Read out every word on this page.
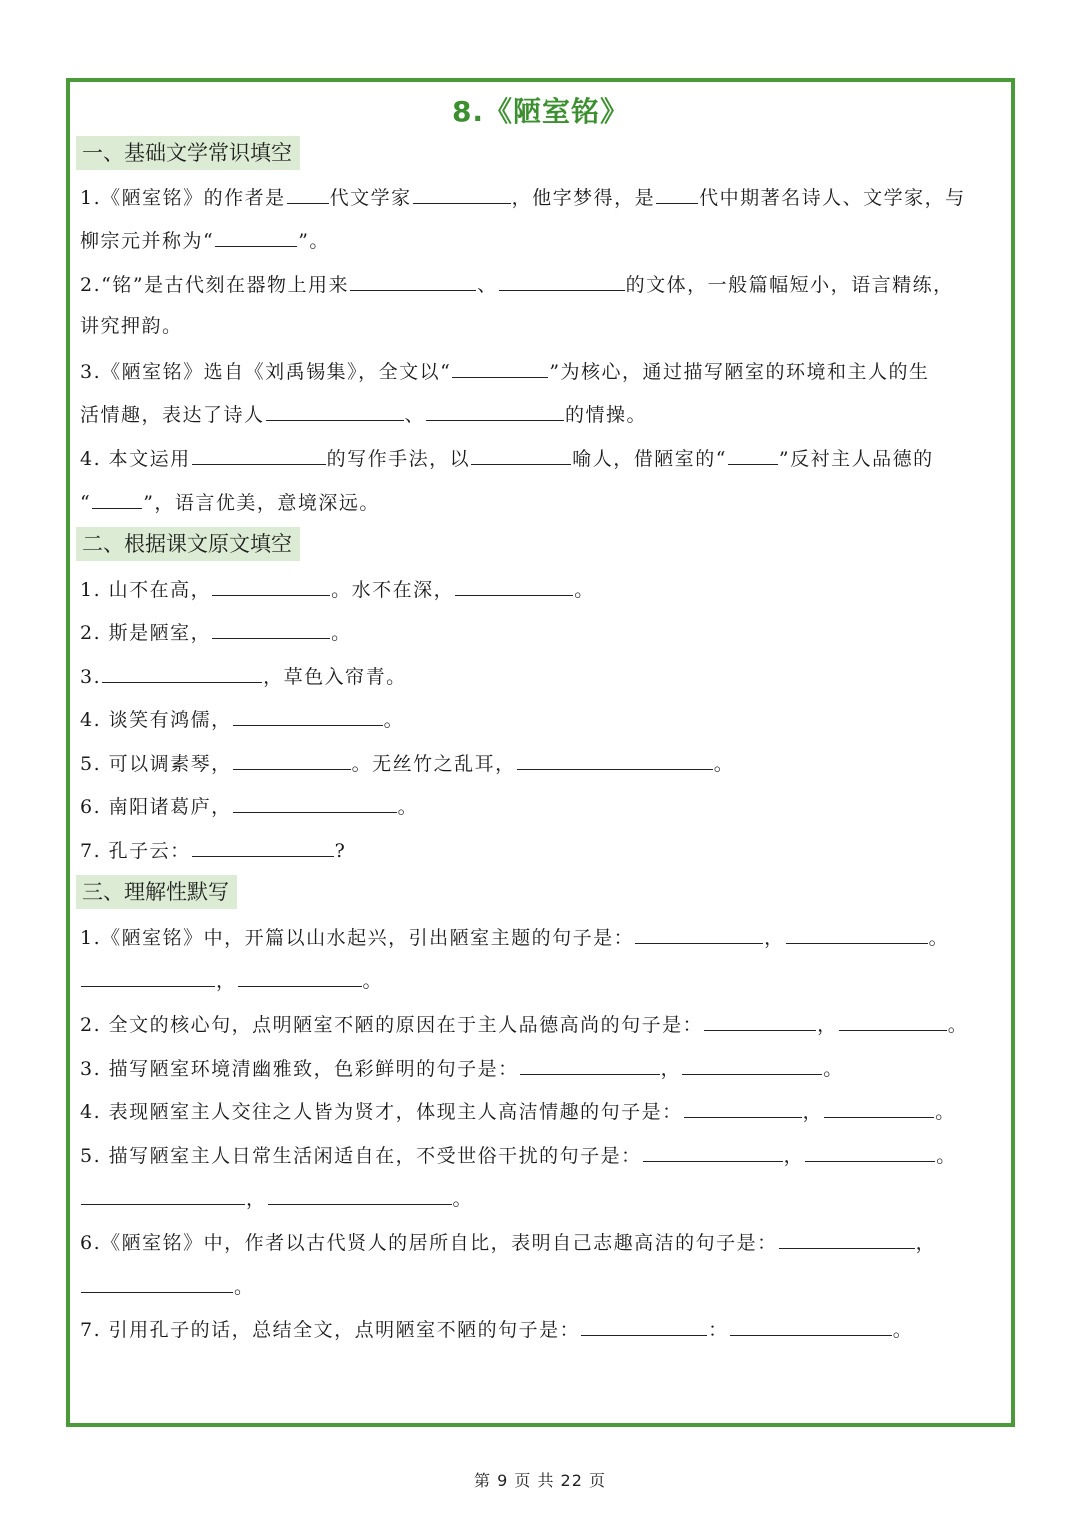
8.《陋室铭》
一、基础文学常识填空
1.《陋室铭》的作者是 代文学家	，他字梦得，是 代中期著名诗人、文学家，与
柳宗元并称为“	”。
2.“铭”是古代刻在器物上用来	、	的文体，一般篇幅短小，语言精练，
讲究押韵。
3.《陋室铭》选自《刘禹锡集》，全文以“	”为核心，通过描写陋室的环境和主人的生
活情趣，表达了诗人	、	的情操。
4. 本文运用	的写作手法，以	喻人，借陋室的“	”反衬主人品德的
“	”，语言优美，意境深远。
二、根据课文原文填空
1. 山不在高，	。水不在深，	。
2. 斯是陋室，	。
3.	，草色入帘青。
4. 谈笑有鸿儒，	。
5. 可以调素琴，	。无丝竹之乱耳，	。
6. 南阳诸葛庐，	。
7. 孔子云：	?
三、理解性默写
1.《陋室铭》中，开篇以山水起兴，引出陋室主题的句子是：	，	。
，	。
2. 全文的核心句，点明陋室不陋的原因在于主人品德高尚的句子是：	，	。
3. 描写陋室环境清幽雅致，色彩鲜明的句子是：	，	。
4. 表现陋室主人交往之人皆为贤才，体现主人高洁情趣的句子是：	，	。
5. 描写陋室主人日常生活闲适自在，不受世俗干扰的句子是：	，	。
，	。
6.《陋室铭》中，作者以古代贤人的居所自比，表明自己志趣高洁的句子是：	，
。
7. 引用孔子的话，总结全文，点明陋室不陋的句子是：	：	。
第 9 页 共 22 页
